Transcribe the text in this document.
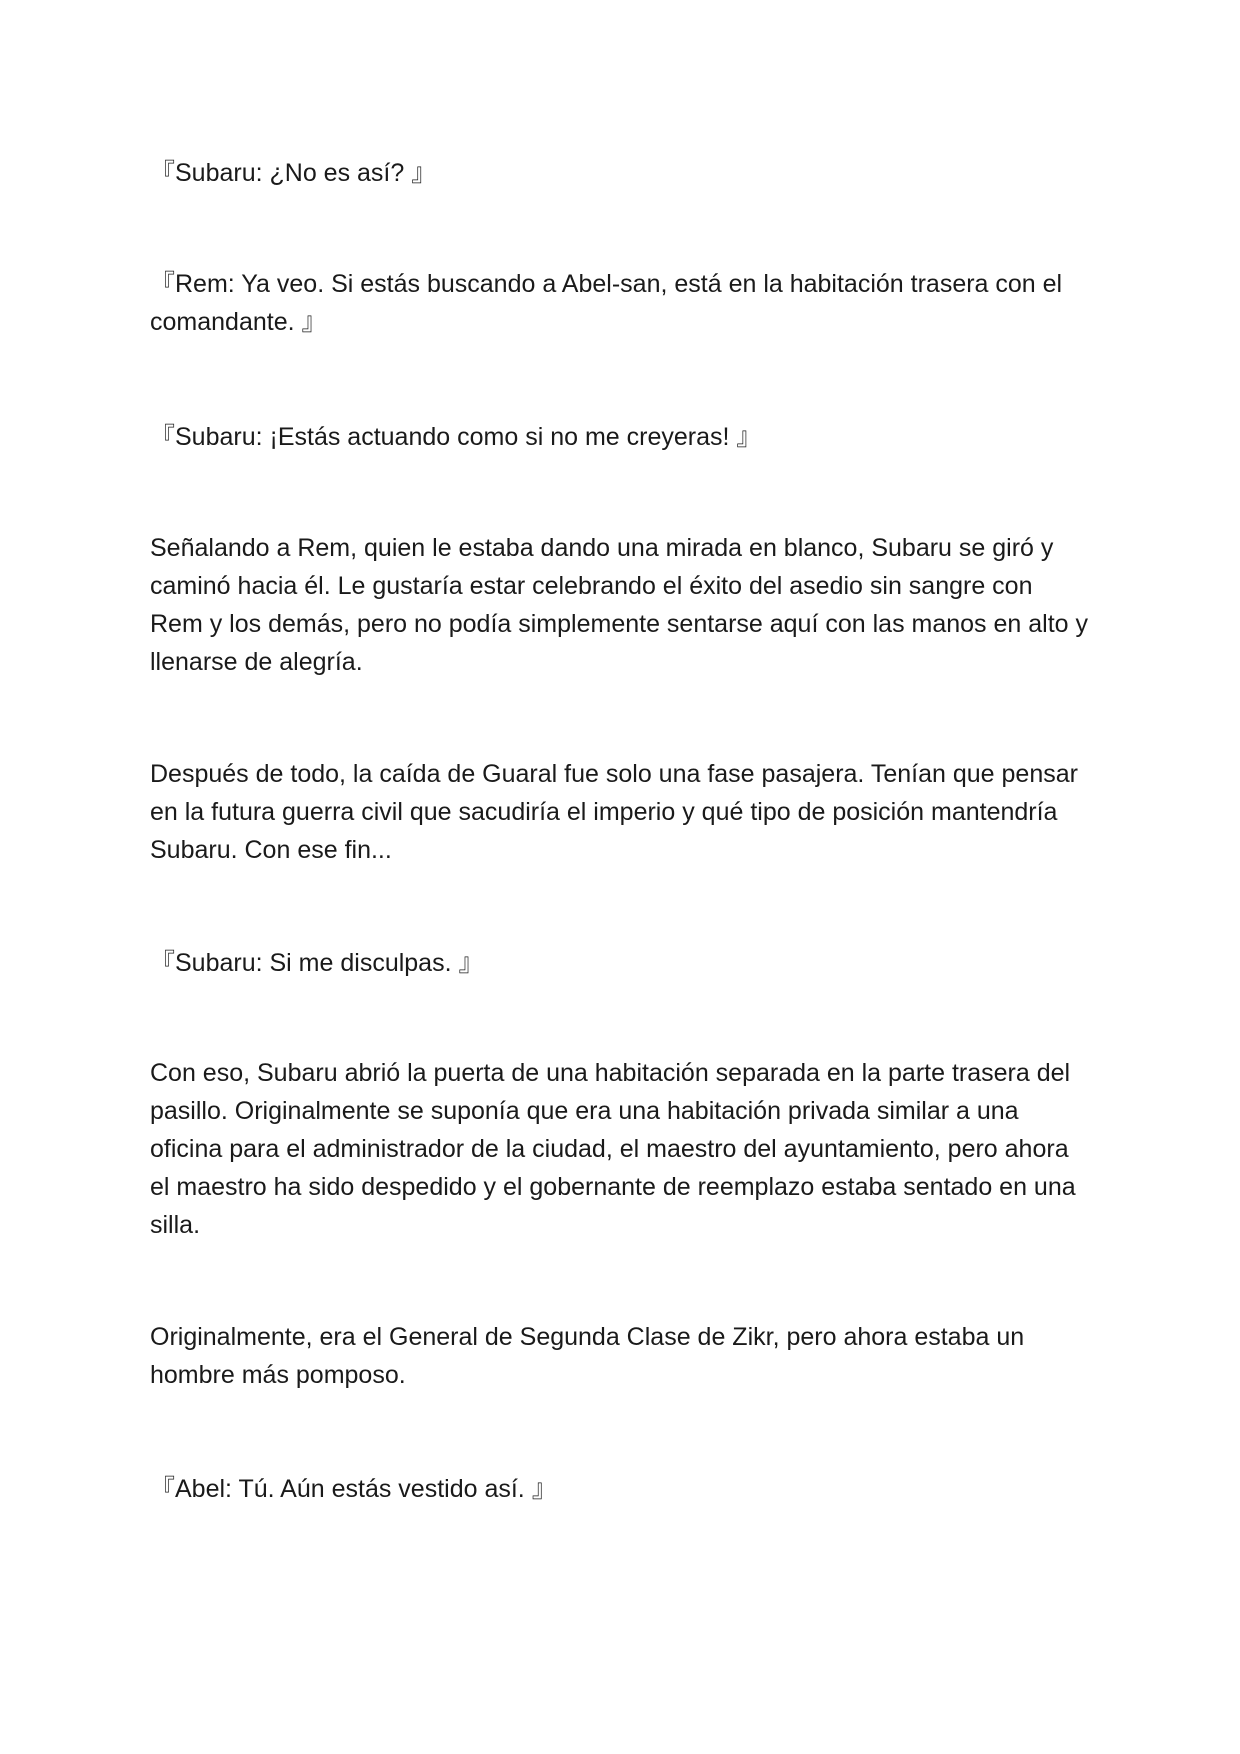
『Subaru: ¿No es así? 』

『Rem: Ya veo. Si estás buscando a Abel-san, está en la habitación trasera con el comandante. 』

『Subaru: ¡Estás actuando como si no me creyeras! 』

Señalando a Rem, quien le estaba dando una mirada en blanco, Subaru se giró y caminó hacia él. Le gustaría estar celebrando el éxito del asedio sin sangre con Rem y los demás, pero no podía simplemente sentarse aquí con las manos en alto y llenarse de alegría.

Después de todo, la caída de Guaral fue solo una fase pasajera. Tenían que pensar en la futura guerra civil que sacudiría el imperio y qué tipo de posición mantendría Subaru. Con ese fin...

『Subaru: Si me disculpas. 』

Con eso, Subaru abrió la puerta de una habitación separada en la parte trasera del pasillo. Originalmente se suponía que era una habitación privada similar a una oficina para el administrador de la ciudad, el maestro del ayuntamiento, pero ahora el maestro ha sido despedido y el gobernante de reemplazo estaba sentado en una silla.

Originalmente, era el General de Segunda Clase de Zikr, pero ahora estaba un hombre más pomposo.

『Abel: Tú. Aún estás vestido así. 』
